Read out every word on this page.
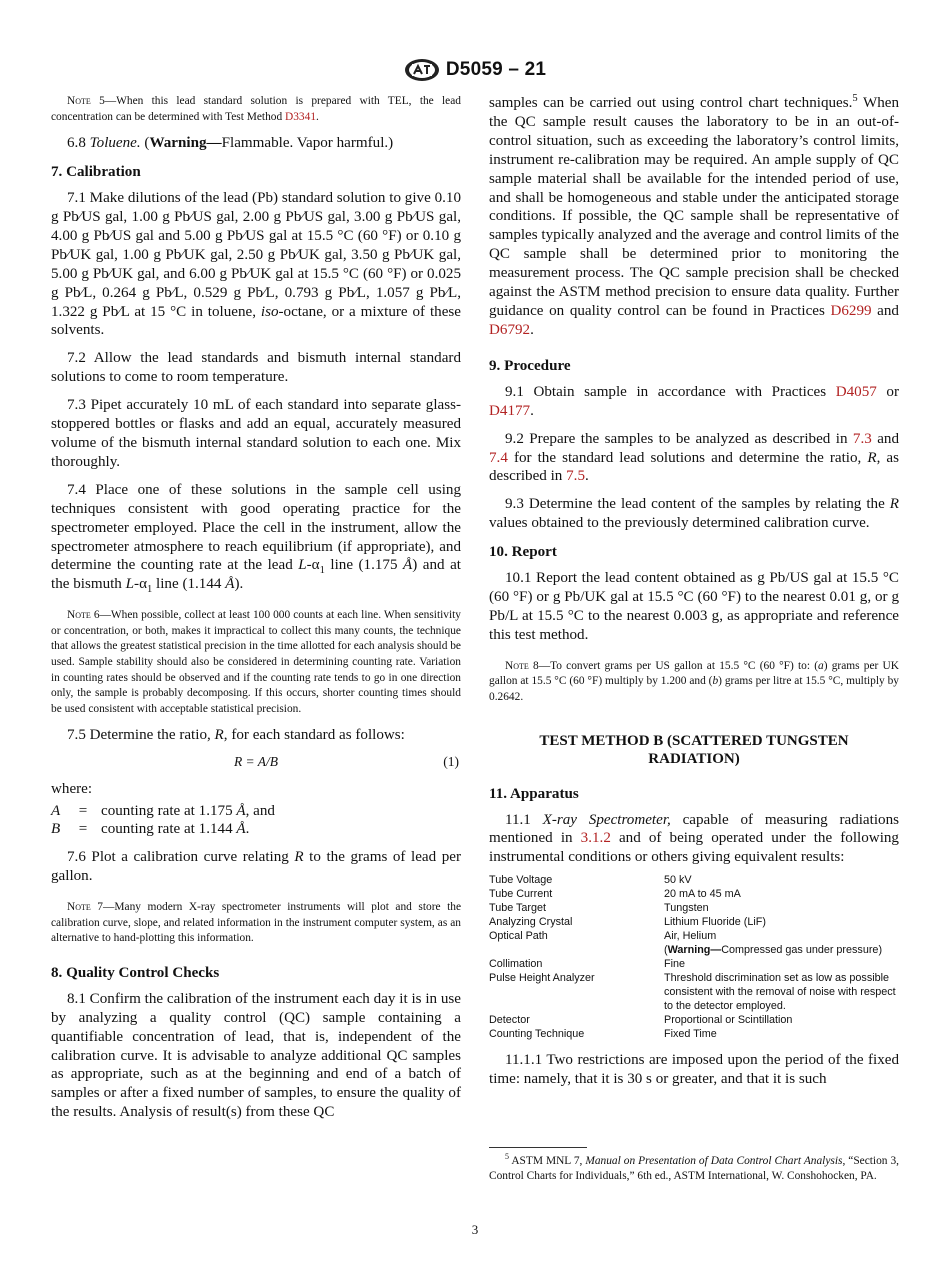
D5059 – 21

Note 5—When this lead standard solution is prepared with TEL, the lead concentration can be determined with Test Method D3341.

6.8 Toluene. (Warning—Flammable. Vapor harmful.)

7. Calibration

7.1 Make dilutions of the lead (Pb) standard solution to give 0.10 g Pb∕US gal, 1.00 g Pb∕US gal, 2.00 g Pb∕US gal, 3.00 g Pb∕US gal, 4.00 g Pb∕US gal and 5.00 g Pb∕US gal at 15.5 °C (60 °F) or 0.10 g Pb∕UK gal, 1.00 g Pb∕UK gal, 2.50 g Pb∕UK gal, 3.50 g Pb∕UK gal, 5.00 g Pb∕UK gal, and 6.00 g Pb∕UK gal at 15.5 °C (60 °F) or 0.025 g Pb∕L, 0.264 g Pb∕L, 0.529 g Pb∕L, 0.793 g Pb∕L, 1.057 g Pb∕L, 1.322 g Pb∕L at 15 °C in toluene, iso-octane, or a mixture of these solvents.

7.2 Allow the lead standards and bismuth internal standard solutions to come to room temperature.

7.3 Pipet accurately 10 mL of each standard into separate glass-stoppered bottles or flasks and add an equal, accurately measured volume of the bismuth internal standard solution to each one. Mix thoroughly.

7.4 Place one of these solutions in the sample cell using techniques consistent with good operating practice for the spectrometer employed. Place the cell in the instrument, allow the spectrometer atmosphere to reach equilibrium (if appropriate), and determine the counting rate at the lead $L-\alpha_1$ line (1.175 Å) and at the bismuth $L-\alpha_1$ line (1.144 Å).

Note 6—When possible, collect at least 100 000 counts at each line. When sensitivity or concentration, or both, makes it impractical to collect this many counts, the technique that allows the greatest statistical precision in the time allotted for each analysis should be used. Sample stability should also be considered in determining counting rate. Variation in counting rates should be observed and if the counting rate tends to go in one direction only, the sample is probably decomposing. If this occurs, shorter counting times should be used consistent with acceptable statistical precision.

7.5 Determine the ratio, R, for each standard as follows:

R = A/B	(1)

where:

A	= counting rate at 1.175 Å, and
B	= counting rate at 1.144 Å.

7.6 Plot a calibration curve relating R to the grams of lead per gallon.

Note 7—Many modern X-ray spectrometer instruments will plot and store the calibration curve, slope, and related information in the instrument computer system, as an alternative to hand-plotting this information.

8. Quality Control Checks

8.1 Confirm the calibration of the instrument each day it is in use by analyzing a quality control (QC) sample containing a quantifiable concentration of lead, that is, independent of the calibration curve. It is advisable to analyze additional QC samples as appropriate, such as at the beginning and end of a batch of samples or after a fixed number of samples, to ensure the quality of the results. Analysis of result(s) from these QC

samples can be carried out using control chart techniques.$^5$ When the QC sample result causes the laboratory to be in an out-of-control situation, such as exceeding the laboratory’s control limits, instrument re-calibration may be required. An ample supply of QC sample material shall be available for the intended period of use, and shall be homogeneous and stable under the anticipated storage conditions. If possible, the QC sample shall be representative of samples typically analyzed and the average and control limits of the QC sample shall be determined prior to monitoring the measurement process. The QC sample precision shall be checked against the ASTM method precision to ensure data quality. Further guidance on quality control can be found in Practices D6299 and D6792.

9. Procedure

9.1 Obtain sample in accordance with Practices D4057 or D4177.

9.2 Prepare the samples to be analyzed as described in 7.3 and 7.4 for the standard lead solutions and determine the ratio, R, as described in 7.5.

9.3 Determine the lead content of the samples by relating the R values obtained to the previously determined calibration curve.

10. Report

10.1 Report the lead content obtained as g Pb/US gal at 15.5 °C (60 °F) or g Pb/UK gal at 15.5 °C (60 °F) to the nearest 0.01 g, or g Pb/L at 15.5 °C to the nearest 0.003 g, as appropriate and reference this test method.

Note 8—To convert grams per US gallon at 15.5 °C (60 °F) to: (a) grams per UK gallon at 15.5 °C (60 °F) multiply by 1.200 and (b) grams per litre at 15.5 °C, multiply by 0.2642.

TEST METHOD B (SCATTERED TUNGSTEN
RADIATION)
11. Apparatus

11.1 X-ray Spectrometer, capable of measuring radiations mentioned in 3.1.2 and of being operated under the following instrumental conditions or others giving equivalent results:

Tube Voltage	50 kV
Tube Current	20 mA to 45 mA
Tube Target	Tungsten
Analyzing Crystal	Lithium Fluoride (LiF)
Optical Path	Air, Helium
(Warning—Compressed gas under pressure)
Collimation	Fine
Pulse Height Analyzer	Threshold discrimination set as low as possible consistent with the removal of noise with respect to the detector employed.
Detector	Proportional or Scintillation
Counting Technique	Fixed Time

11.1.1 Two restrictions are imposed upon the period of the fixed time: namely, that it is 30 s or greater, and that it is such

$^5$ ASTM MNL 7, Manual on Presentation of Data Control Chart Analysis, “Section 3, Control Charts for Individuals,” 6th ed., ASTM International, W. Conshohocken, PA.

3
